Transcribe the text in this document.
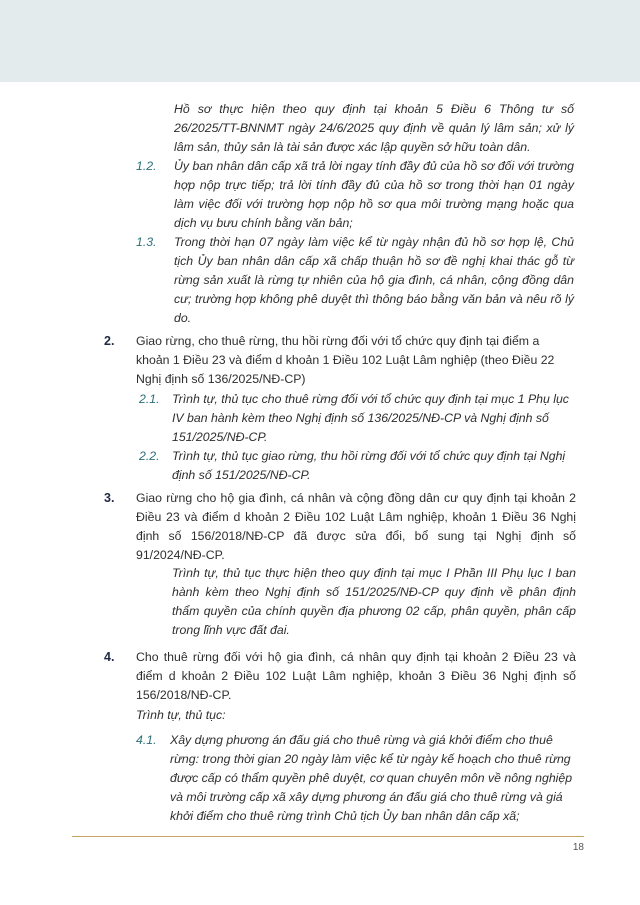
Hồ sơ thực hiện theo quy định tại khoản 5 Điều 6 Thông tư số 26/2025/TT-BNNMT ngày 24/6/2025 quy định về quản lý lâm sản; xử lý lâm sản, thủy sản là tài sản được xác lập quyền sở hữu toàn dân.

1.2. Ủy ban nhân dân cấp xã trả lời ngay tính đầy đủ của hồ sơ đối với trường hợp nộp trực tiếp; trả lời tính đầy đủ của hồ sơ trong thời hạn 01 ngày làm việc đối với trường hợp nộp hồ sơ qua môi trường mạng hoặc qua dịch vụ bưu chính bằng văn bản;

1.3. Trong thời hạn 07 ngày làm việc kể từ ngày nhận đủ hồ sơ hợp lệ, Chủ tịch Ủy ban nhân dân cấp xã chấp thuận hồ sơ đề nghị khai thác gỗ từ rừng sản xuất là rừng tự nhiên của hộ gia đình, cá nhân, cộng đồng dân cư; trường hợp không phê duyệt thì thông báo bằng văn bản và nêu rõ lý do.

2. Giao rừng, cho thuê rừng, thu hồi rừng đối với tổ chức quy định tại điểm a khoản 1 Điều 23 và điểm d khoản 1 Điều 102 Luật Lâm nghiệp (theo Điều 22 Nghị định số 136/2025/NĐ-CP)

2.1. Trình tự, thủ tục cho thuê rừng đối với tổ chức quy định tại mục 1 Phụ lục IV ban hành kèm theo Nghị định số 136/2025/NĐ-CP và Nghị định số 151/2025/NĐ-CP.

2.2. Trình tự, thủ tục giao rừng, thu hồi rừng đối với tổ chức quy định tại Nghị định số 151/2025/NĐ-CP.

3. Giao rừng cho hộ gia đình, cá nhân và cộng đồng dân cư quy định tại khoản 2 Điều 23 và điểm d khoản 2 Điều 102 Luật Lâm nghiệp, khoản 1 Điều 36 Nghị định số 156/2018/NĐ-CP đã được sửa đổi, bổ sung tại Nghị định số 91/2024/NĐ-CP.

Trình tự, thủ tục thực hiện theo quy định tại mục I Phần III Phụ lục I ban hành kèm theo Nghị định số 151/2025/NĐ-CP quy định về phân định thẩm quyền của chính quyền địa phương 02 cấp, phân quyền, phân cấp trong lĩnh vực đất đai.

4. Cho thuê rừng đối với hộ gia đình, cá nhân quy định tại khoản 2 Điều 23 và điểm d khoản 2 Điều 102 Luật Lâm nghiệp, khoản 3 Điều 36 Nghị định số 156/2018/NĐ-CP.

Trình tự, thủ tục:

4.1. Xây dựng phương án đấu giá cho thuê rừng và giá khởi điểm cho thuê rừng: trong thời gian 20 ngày làm việc kể từ ngày kế hoạch cho thuê rừng được cấp có thẩm quyền phê duyệt, cơ quan chuyên môn về nông nghiệp và môi trường cấp xã xây dựng phương án đấu giá cho thuê rừng và giá khởi điểm cho thuê rừng trình Chủ tịch Ủy ban nhân dân cấp xã;

18
